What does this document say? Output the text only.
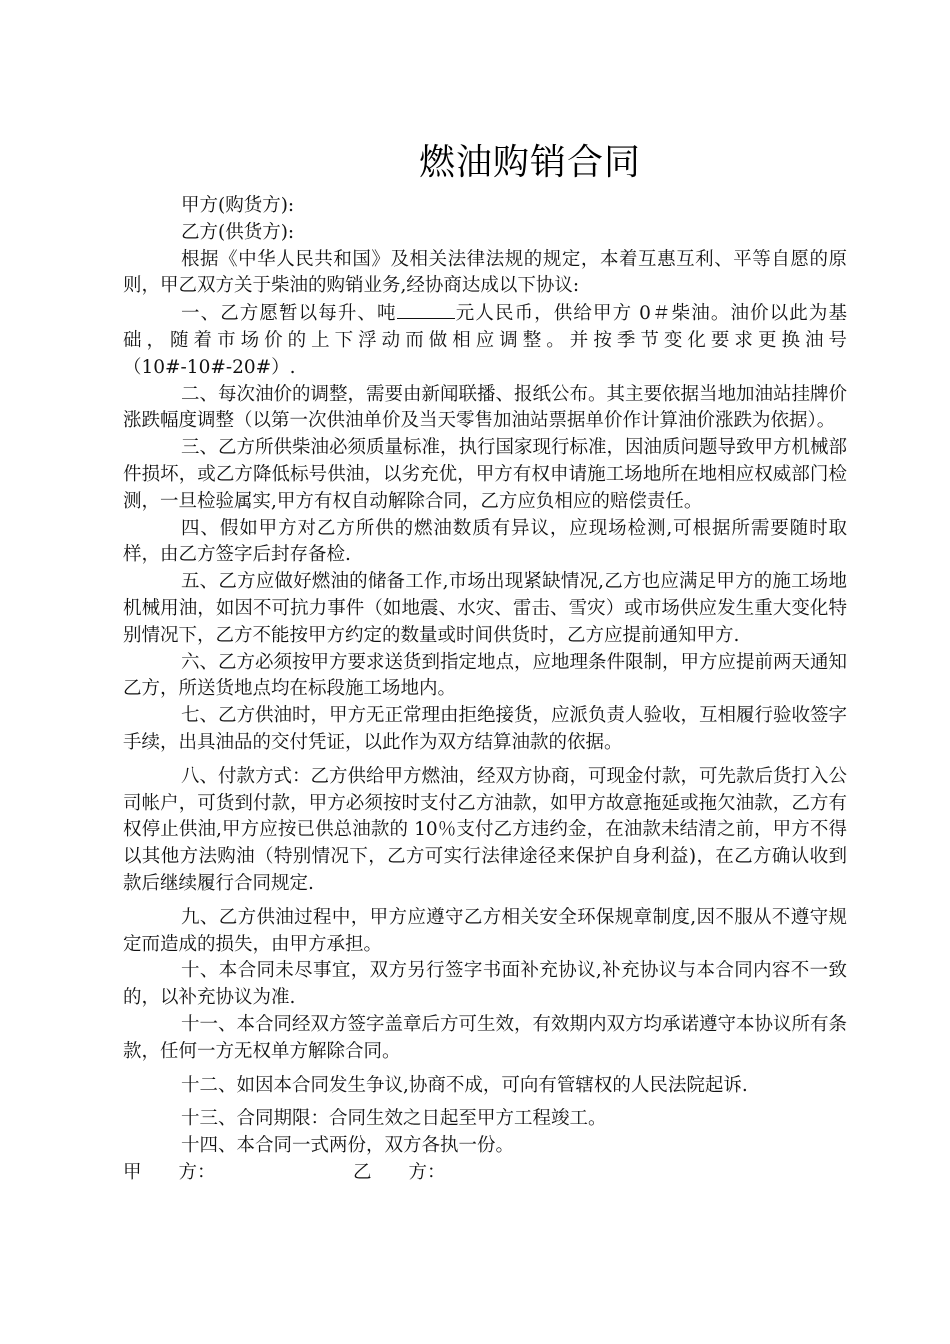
燃油购销合同

甲方(购货方):

乙方(供货方):

根据《中华人民共和国》及相关法律法规的规定，本着互惠互利、平等自愿的原则，甲乙双方关于柴油的购销业务,经协商达成以下协议:

一、乙方愿暂以每升、吨	元人民币，供给甲方 0＃柴油。油价以此为基础，随着市场价的上下浮动而做相应调整。并按季节变化要求更换油号（10#-10#-20#）.

二、每次油价的调整，需要由新闻联播、报纸公布。其主要依据当地加油站挂牌价涨跌幅度调整（以第一次供油单价及当天零售加油站票据单价作计算油价涨跌为依据）。

三、乙方所供柴油必须质量标准，执行国家现行标准，因油质问题导致甲方机械部件损坏，或乙方降低标号供油，以劣充优，甲方有权申请施工场地所在地相应权威部门检测，一旦检验属实,甲方有权自动解除合同，乙方应负相应的赔偿责任。

四、假如甲方对乙方所供的燃油数质有异议，应现场检测,可根据所需要随时取样，由乙方签字后封存备检.

五、乙方应做好燃油的储备工作,市场出现紧缺情况,乙方也应满足甲方的施工场地机械用油，如因不可抗力事件（如地震、水灾、雷击、雪灾）或市场供应发生重大变化特别情况下，乙方不能按甲方约定的数量或时间供货时，乙方应提前通知甲方.

六、乙方必须按甲方要求送货到指定地点，应地理条件限制，甲方应提前两天通知乙方，所送货地点均在标段施工场地内。

七、乙方供油时，甲方无正常理由拒绝接货，应派负责人验收，互相履行验收签字手续，出具油品的交付凭证，以此作为双方结算油款的依据。

八、付款方式：乙方供给甲方燃油，经双方协商，可现金付款，可先款后货打入公司帐户，可货到付款，甲方必须按时支付乙方油款，如甲方故意拖延或拖欠油款，乙方有权停止供油,甲方应按已供总油款的 10％支付乙方违约金，在油款未结清之前，甲方不得以其他方法购油（特别情况下，乙方可实行法律途径来保护自身利益)，在乙方确认收到款后继续履行合同规定.

九、乙方供油过程中，甲方应遵守乙方相关安全环保规章制度,因不服从不遵守规定而造成的损失，由甲方承担。

十、本合同未尽事宜，双方另行签字书面补充协议,补充协议与本合同内容不一致的，以补充协议为准.

十一、本合同经双方签字盖章后方可生效，有效期内双方均承诺遵守本协议所有条款，任何一方无权单方解除合同。

十二、如因本合同发生争议,协商不成，可向有管辖权的人民法院起诉.

十三、合同期限：合同生效之日起至甲方工程竣工。

十四、本合同一式两份，双方各执一份。

甲　　方：	乙　　方：
